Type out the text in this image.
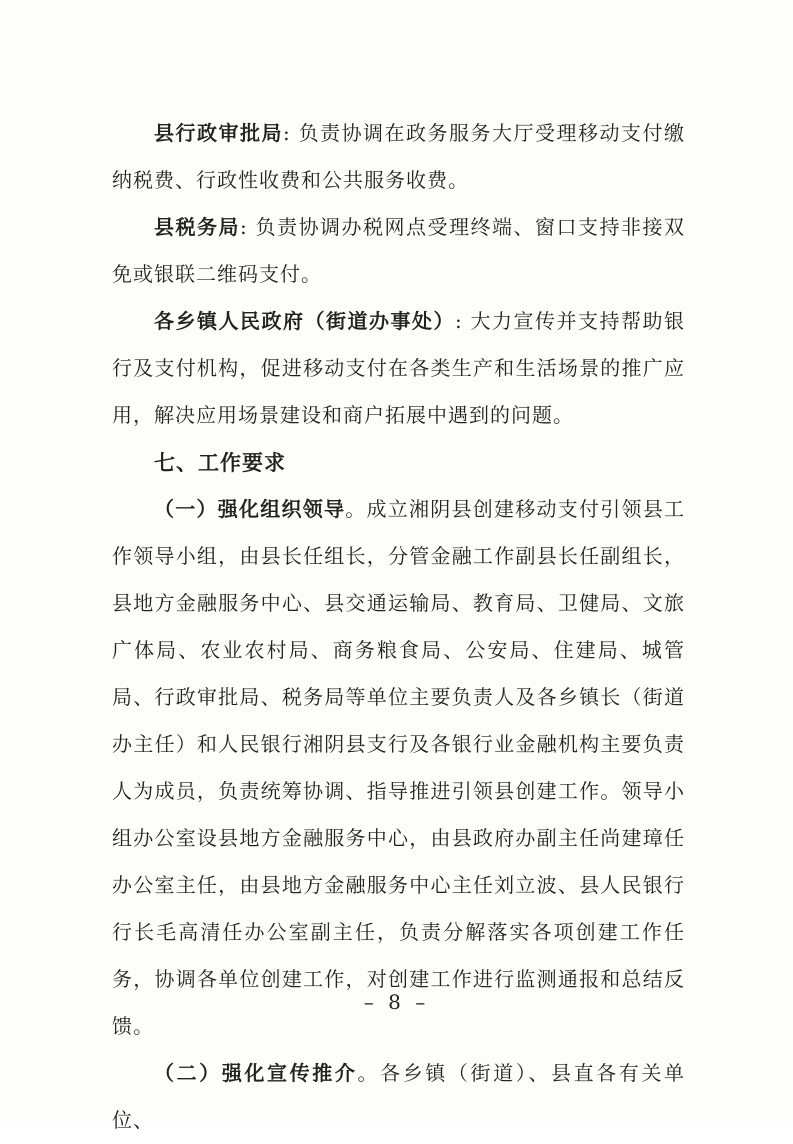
县行政审批局: 负责协调在政务服务大厅受理移动支付缴纳税费、行政性收费和公共服务收费。

县税务局: 负责协调办税网点受理终端、窗口支持非接双免或银联二维码支付。

各乡镇人民政府（街道办事处）: 大力宣传并支持帮助银行及支付机构，促进移动支付在各类生产和生活场景的推广应用，解决应用场景建设和商户拓展中遇到的问题。

七、工作要求

（一）强化组织领导。成立湘阴县创建移动支付引领县工作领导小组，由县长任组长，分管金融工作副县长任副组长，县地方金融服务中心、县交通运输局、教育局、卫健局、文旅广体局、农业农村局、商务粮食局、公安局、住建局、城管局、行政审批局、税务局等单位主要负责人及各乡镇长（街道办主任）和人民银行湘阴县支行及各银行业金融机构主要负责人为成员，负责统筹协调、指导推进引领县创建工作。领导小组办公室设县地方金融服务中心，由县政府办副主任尚建璋任办公室主任，由县地方金融服务中心主任刘立波、县人民银行行长毛高清任办公室副主任，负责分解落实各项创建工作任务，协调各单位创建工作，对创建工作进行监测通报和总结反馈。

（二）强化宣传推介。各乡镇（街道）、县直各有关单位、

– 8 –
